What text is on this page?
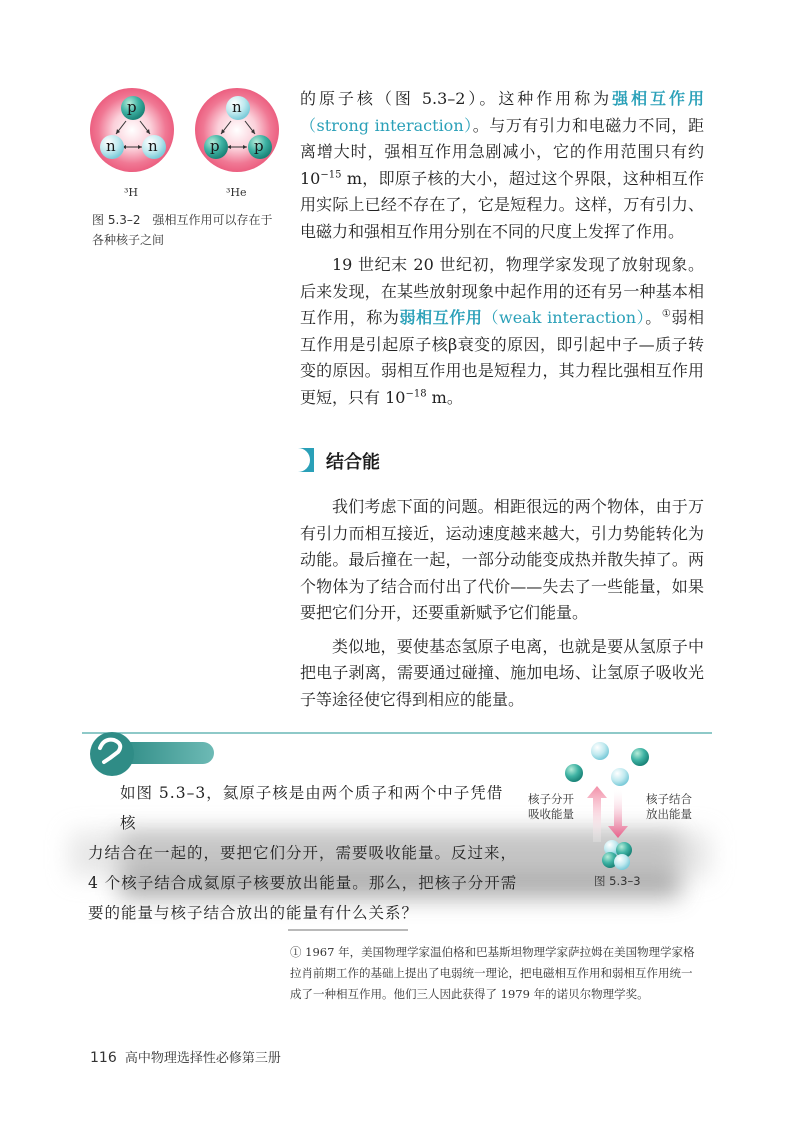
p
n n
n
p p
³H	³He
图 5.3–2　强相互作用可以存在于
各种核子之间

的原子核（图 5.3–2）。这种作用称为强相互作用（strong interaction）。与万有引力和电磁力不同，距离增大时，强相互作用急剧减小，它的作用范围只有约 $10^{-15}$ m，即原子核的大小，超过这个界限，这种相互作用实际上已经不存在了，它是短程力。这样，万有引力、电磁力和强相互作用分别在不同的尺度上发挥了作用。

19 世纪末 20 世纪初，物理学家发现了放射现象。后来发现，在某些放射现象中起作用的还有另一种基本相互作用，称为弱相互作用（weak interaction）。①弱相互作用是引起原子核β衰变的原因，即引起中子—质子转变的原因。弱相互作用也是短程力，其力程比强相互作用更短，只有 $10^{-18}$ m。

结合能

我们考虑下面的问题。相距很远的两个物体，由于万有引力而相互接近，运动速度越来越大，引力势能转化为动能。最后撞在一起，一部分动能变成热并散失掉了。两个物体为了结合而付出了代价——失去了一些能量，如果要把它们分开，还要重新赋予它们能量。

类似地，要使基态氢原子电离，也就是要从氢原子中把电子剥离，需要通过碰撞、施加电场、让氢原子吸收光子等途径使它得到相应的能量。

如图 5.3–3，氦原子核是由两个质子和两个中子凭借核
力结合在一起的，要把它们分开，需要吸收能量。反过来，
4 个核子结合成氦原子核要放出能量。那么，把核子分开需
要的能量与核子结合放出的能量有什么关系？
核子分开
吸收能量
核子结合
放出能量
图 5.3–3
① 1967 年，美国物理学家温伯格和巴基斯坦物理学家萨拉姆在美国物理学家格
拉肖前期工作的基础上提出了电弱统一理论，把电磁相互作用和弱相互作用统一
成了一种相互作用。他们三人因此获得了 1979 年的诺贝尔物理学奖。
116 高中物理选择性必修第三册
